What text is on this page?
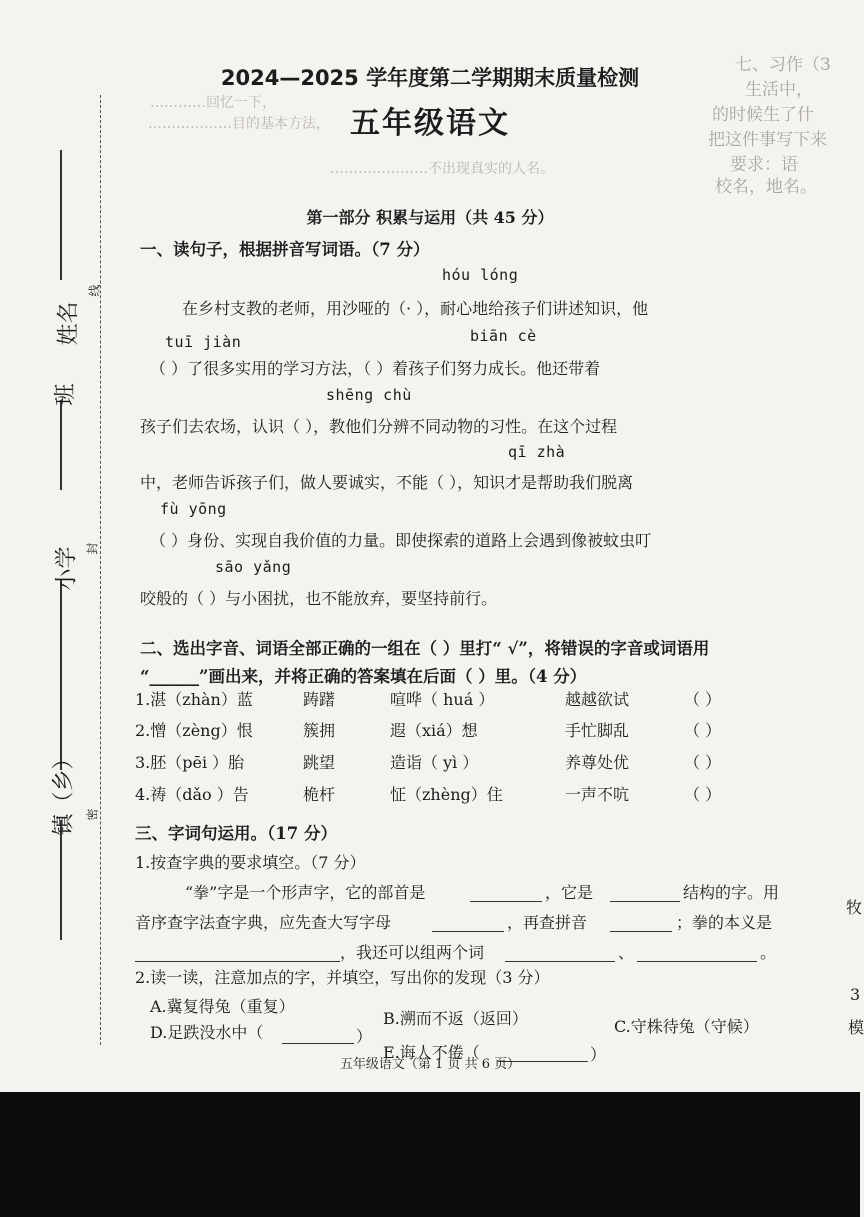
…………回忆一下，
………………目的基本方法，
…………………不出现真实的人名。
七、习作（3
生活中，
的时候生了什
把这件事写下来
要求：语
校名，地名。
姓名
班
小学
镇（乡）
线
封
密
2024—2025 学年度第二学期期末质量检测
五年级语文
第一部分 积累与运用（共 45 分）
一、读句子，根据拼音写词语。（7 分）
hóu lóng
在乡村支教的老师，用沙哑的（· ），耐心地给孩子们讲述知识，他
tuī jiàn	biān cè
（ ）了很多实用的学习方法，（ ）着孩子们努力成长。他还带着
shēng chù
孩子们去农场，认识（ ），教他们分辨不同动物的习性。在这个过程
qī zhà
中，老师告诉孩子们，做人要诚实，不能（ ），知识才是帮助我们脱离
fù yōng
（ ）身份、实现自我价值的力量。即使探索的道路上会遇到像被蚊虫叮
sāo yǎng
咬般的（ ）与小困扰，也不能放弃，要坚持前行。
二、选出字音、词语全部正确的一组在（ ）里打“ √”，将错误的字音或词语用
“______”画出来，并将正确的答案填在后面（ ）里。（4 分）
1.湛（zhàn）蓝	踌躇	喧哗（ huá ）	越越欲试	（ ）
2.憎（zèng）恨	簇拥	遐（xiá）想	手忙脚乱	（ ）
3.胚（pēi ）胎	跳望	造诣（ yì ）	养尊处优	（ ）
4.祷（dǎo ）告	桅杆	怔（zhèng）住	一声不吭	（ ）
三、字词句运用。（17 分）
1.按查字典的要求填空。（7 分）
“拳”字是一个形声字，它的部首是	，它是	结构的字。用
音序查字法查字典，应先查大写字母	，再查拼音	；拳的本义是
，我还可以组两个词	、	。
2.读一读，注意加点的字，并填空，写出你的发现（3 分）
A.冀复得兔（重复）
B.溯而不返（返回）	C.守株待兔（守候）
D.足跌没水中（	）
E.诲人不倦（	）
3
模
牧
五年级语文（第 1 页 共 6 页）
